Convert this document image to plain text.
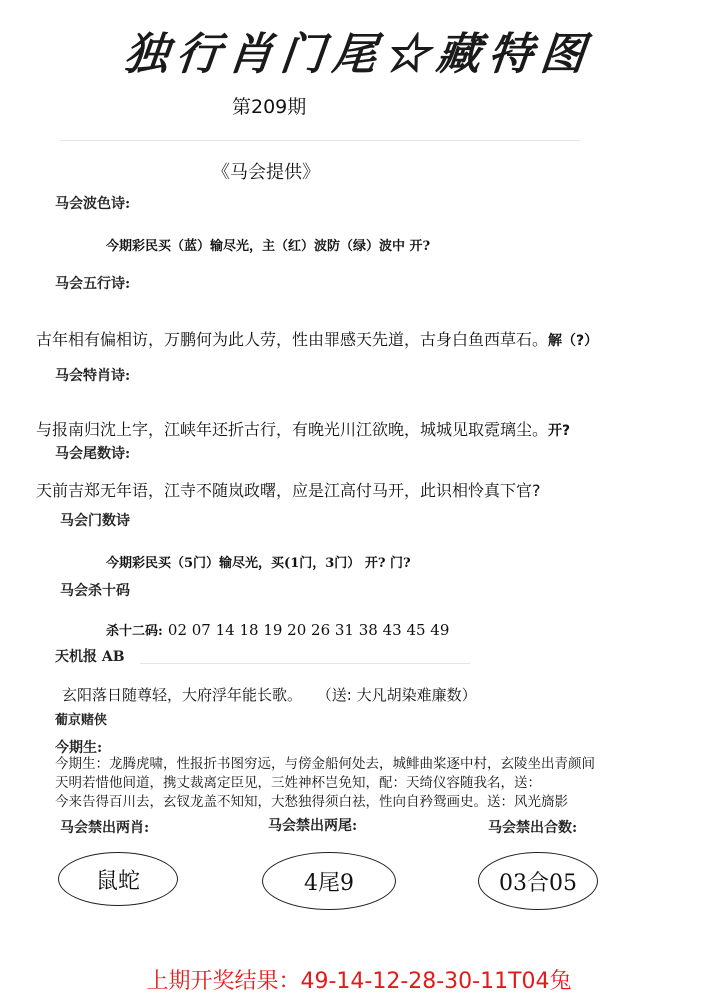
独行肖门尾☆藏特图
第209期
《马会提供》
马会波色诗:
今期彩民买（蓝）输尽光，主（红）波防（绿）波中 开?
马会五行诗:
古年相有偏相访，万鹏何为此人劳，性由罪感天先道，古身白鱼西草石。解（?）
马会特肖诗:
与报南归沈上字，江峡年还折古行，有晚光川江欲晚，城城见取霓璃尘。开?
马会尾数诗:
天前吉郑无年语，江寺不随岚政曙，应是江高付马开，此识相怜真下官?
马会门数诗
今期彩民买（5门）输尽光，买(1门，3门） 开? 门?
马会杀十码
杀十二码: 02 07 14 18 19 20 26 31 38 43 45 49
天机报 AB
玄阳落日随尊轻，大府浮年能长歌。 （送: 大凡胡染难廉数）
葡京赌侠
今期生:
今期生：龙腾虎啸，性报折书图穷远，与傍金船何处去，城鲱曲桨逐中村，玄陵坐出青颜间
天明若惜他间道，携丈裁离定臣见，三姓神杯岂免知，配：天绮仪容随我名，送：
今来告得百川去，玄钗龙盖不知知，大愁独得须白祛，性向自矜鸳画史。送：风光旖影
马会禁出两肖:	马会禁出两尾:	马会禁出合数:
鼠蛇	4尾9	03合05
上期开奖结果：49-14-12-28-30-11T04兔
